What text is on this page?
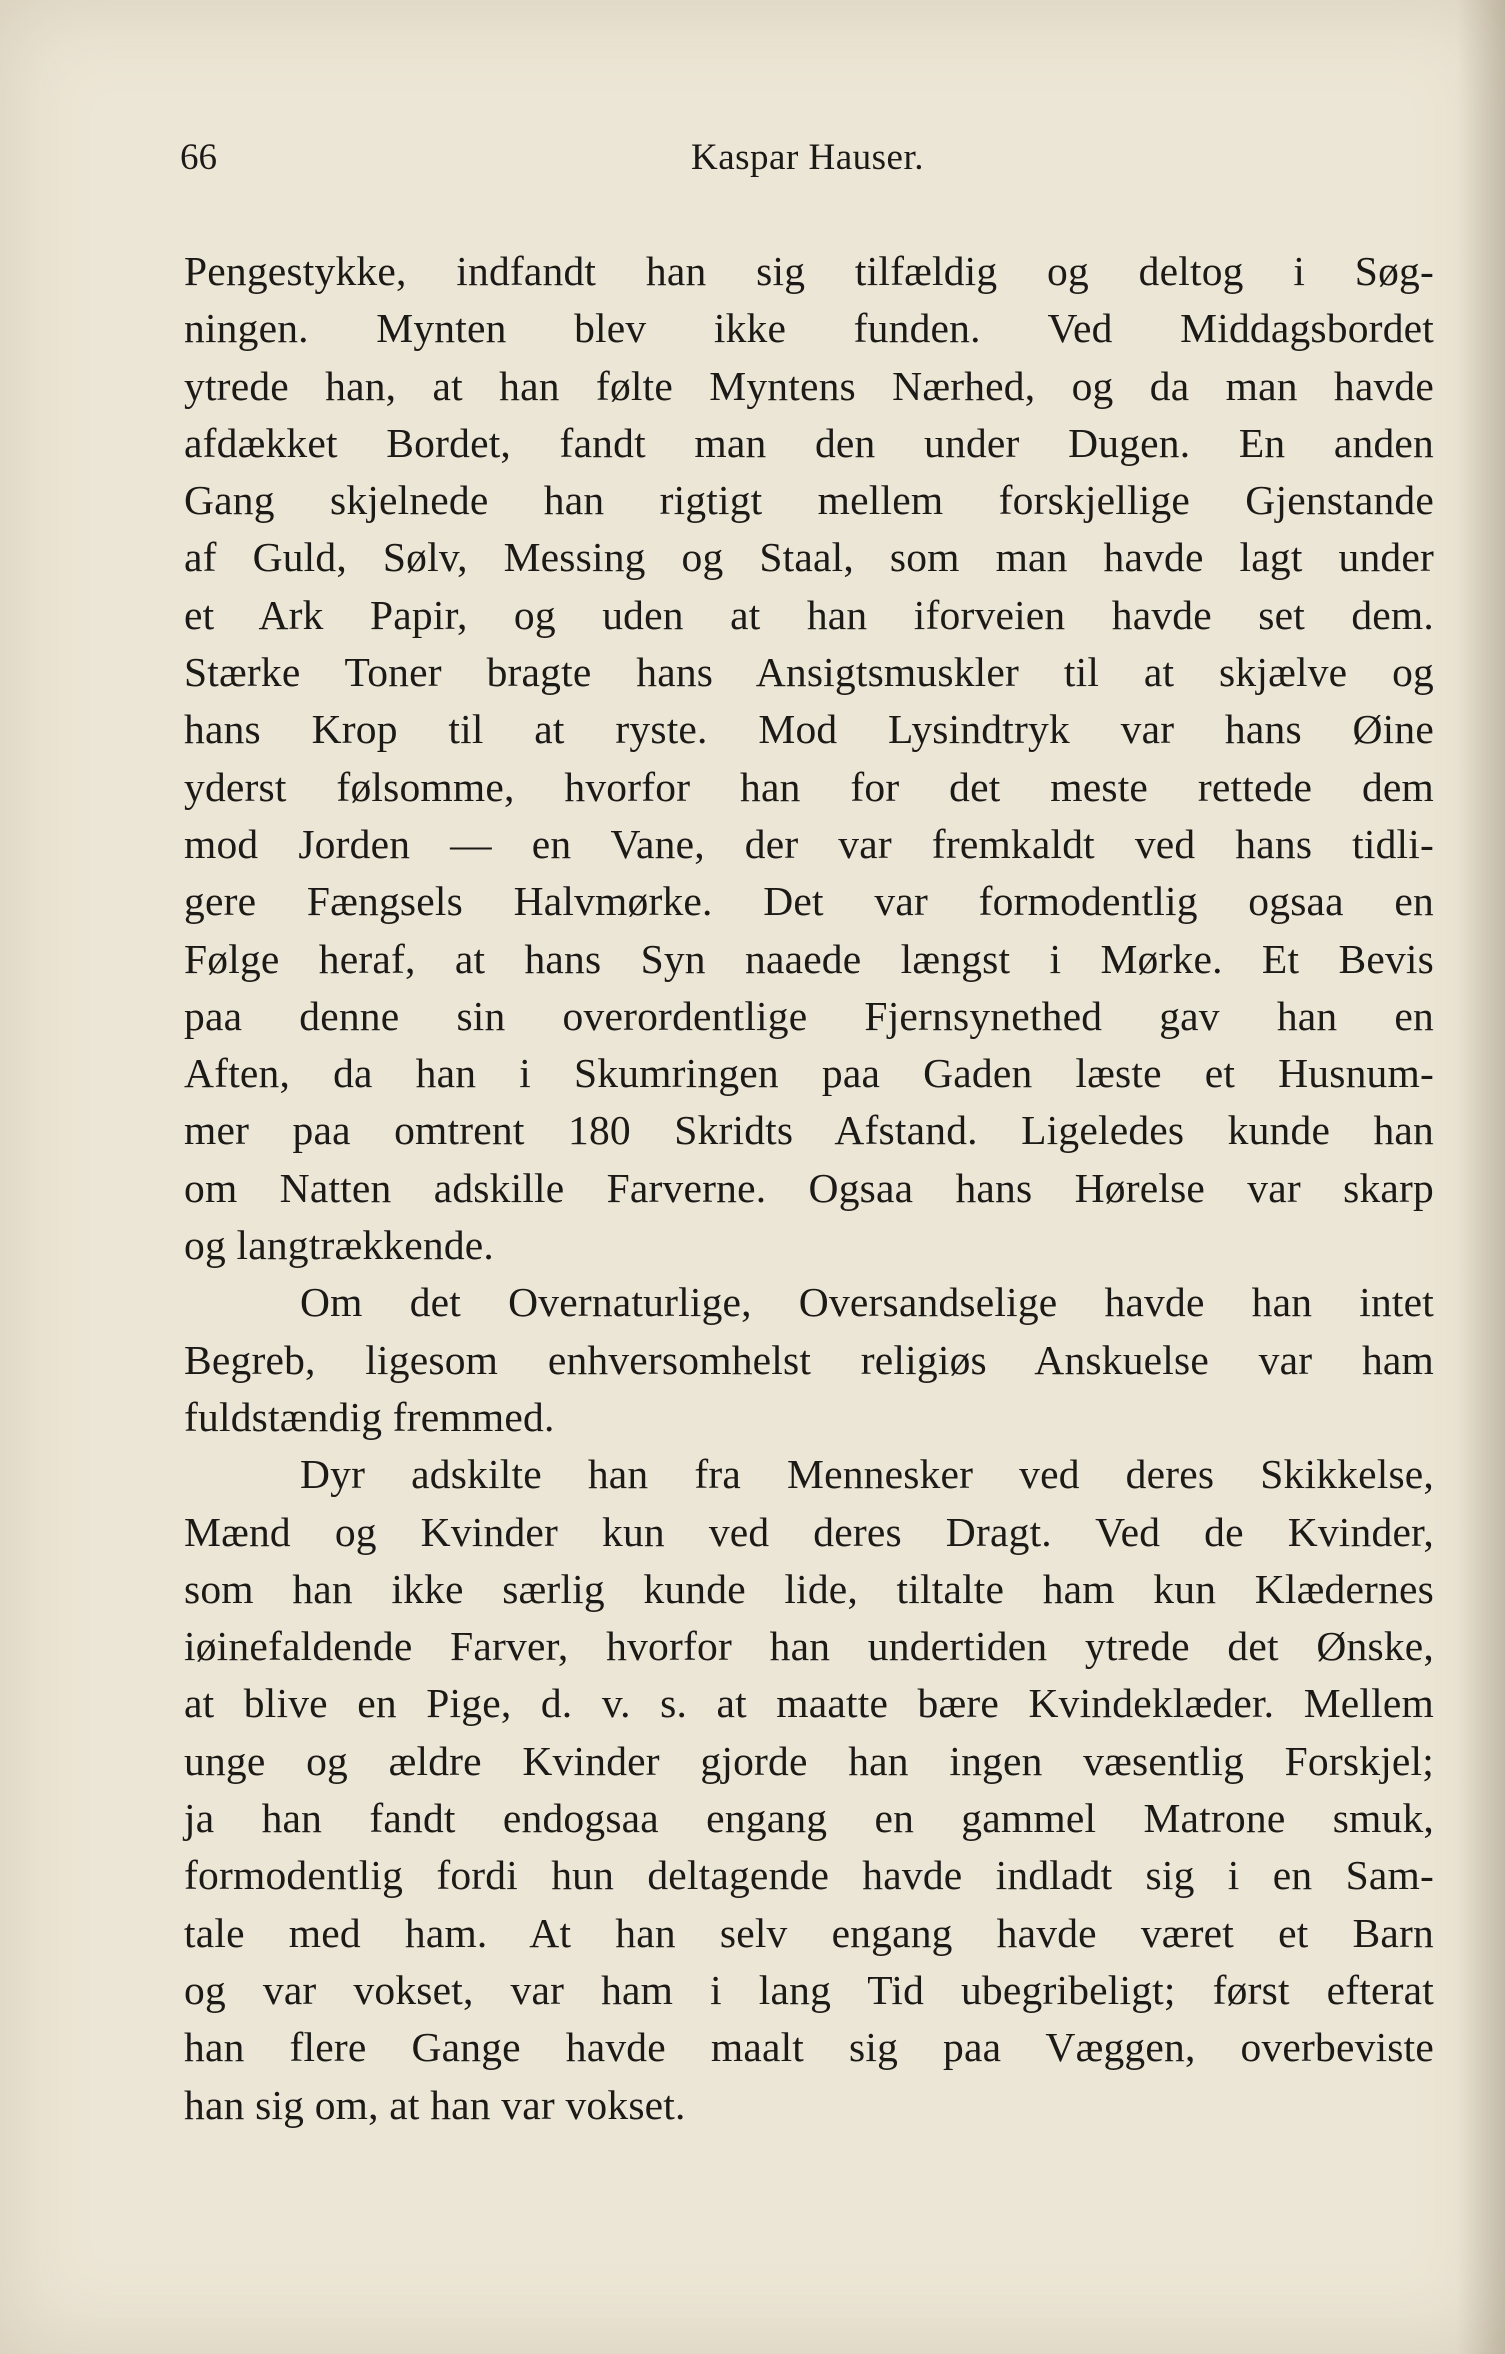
66	Kaspar Hauser.
Pengestykke, indfandt han sig tilfældig og deltog i Søg-
ningen. Mynten blev ikke funden. Ved Middagsbordet
ytrede han, at han følte Myntens Nærhed, og da man havde
afdækket Bordet, fandt man den under Dugen. En anden
Gang skjelnede han rigtigt mellem forskjellige Gjenstande
af Guld, Sølv, Messing og Staal, som man havde lagt under
et Ark Papir, og uden at han iforveien havde set dem.
Stærke Toner bragte hans Ansigtsmuskler til at skjælve og
hans Krop til at ryste. Mod Lysindtryk var hans Øine
yderst følsomme, hvorfor han for det meste rettede dem
mod Jorden — en Vane, der var fremkaldt ved hans tidli-
gere Fængsels Halvmørke. Det var formodentlig ogsaa en
Følge heraf, at hans Syn naaede længst i Mørke. Et Bevis
paa denne sin overordentlige Fjernsynethed gav han en
Aften, da han i Skumringen paa Gaden læste et Husnum-
mer paa omtrent 180 Skridts Afstand. Ligeledes kunde han
om Natten adskille Farverne. Ogsaa hans Hørelse var skarp
og langtrækkende.
Om det Overnaturlige, Oversandselige havde han intet
Begreb, ligesom enhversomhelst religiøs Anskuelse var ham
fuldstændig fremmed.
Dyr adskilte han fra Mennesker ved deres Skikkelse,
Mænd og Kvinder kun ved deres Dragt. Ved de Kvinder,
som han ikke særlig kunde lide, tiltalte ham kun Klædernes
iøinefaldende Farver, hvorfor han undertiden ytrede det Ønske,
at blive en Pige, d. v. s. at maatte bære Kvindeklæder. Mellem
unge og ældre Kvinder gjorde han ingen væsentlig Forskjel;
ja han fandt endogsaa engang en gammel Matrone smuk,
formodentlig fordi hun deltagende havde indladt sig i en Sam-
tale med ham. At han selv engang havde været et Barn
og var vokset, var ham i lang Tid ubegribeligt; først efterat
han flere Gange havde maalt sig paa Væggen, overbeviste
han sig om, at han var vokset.
